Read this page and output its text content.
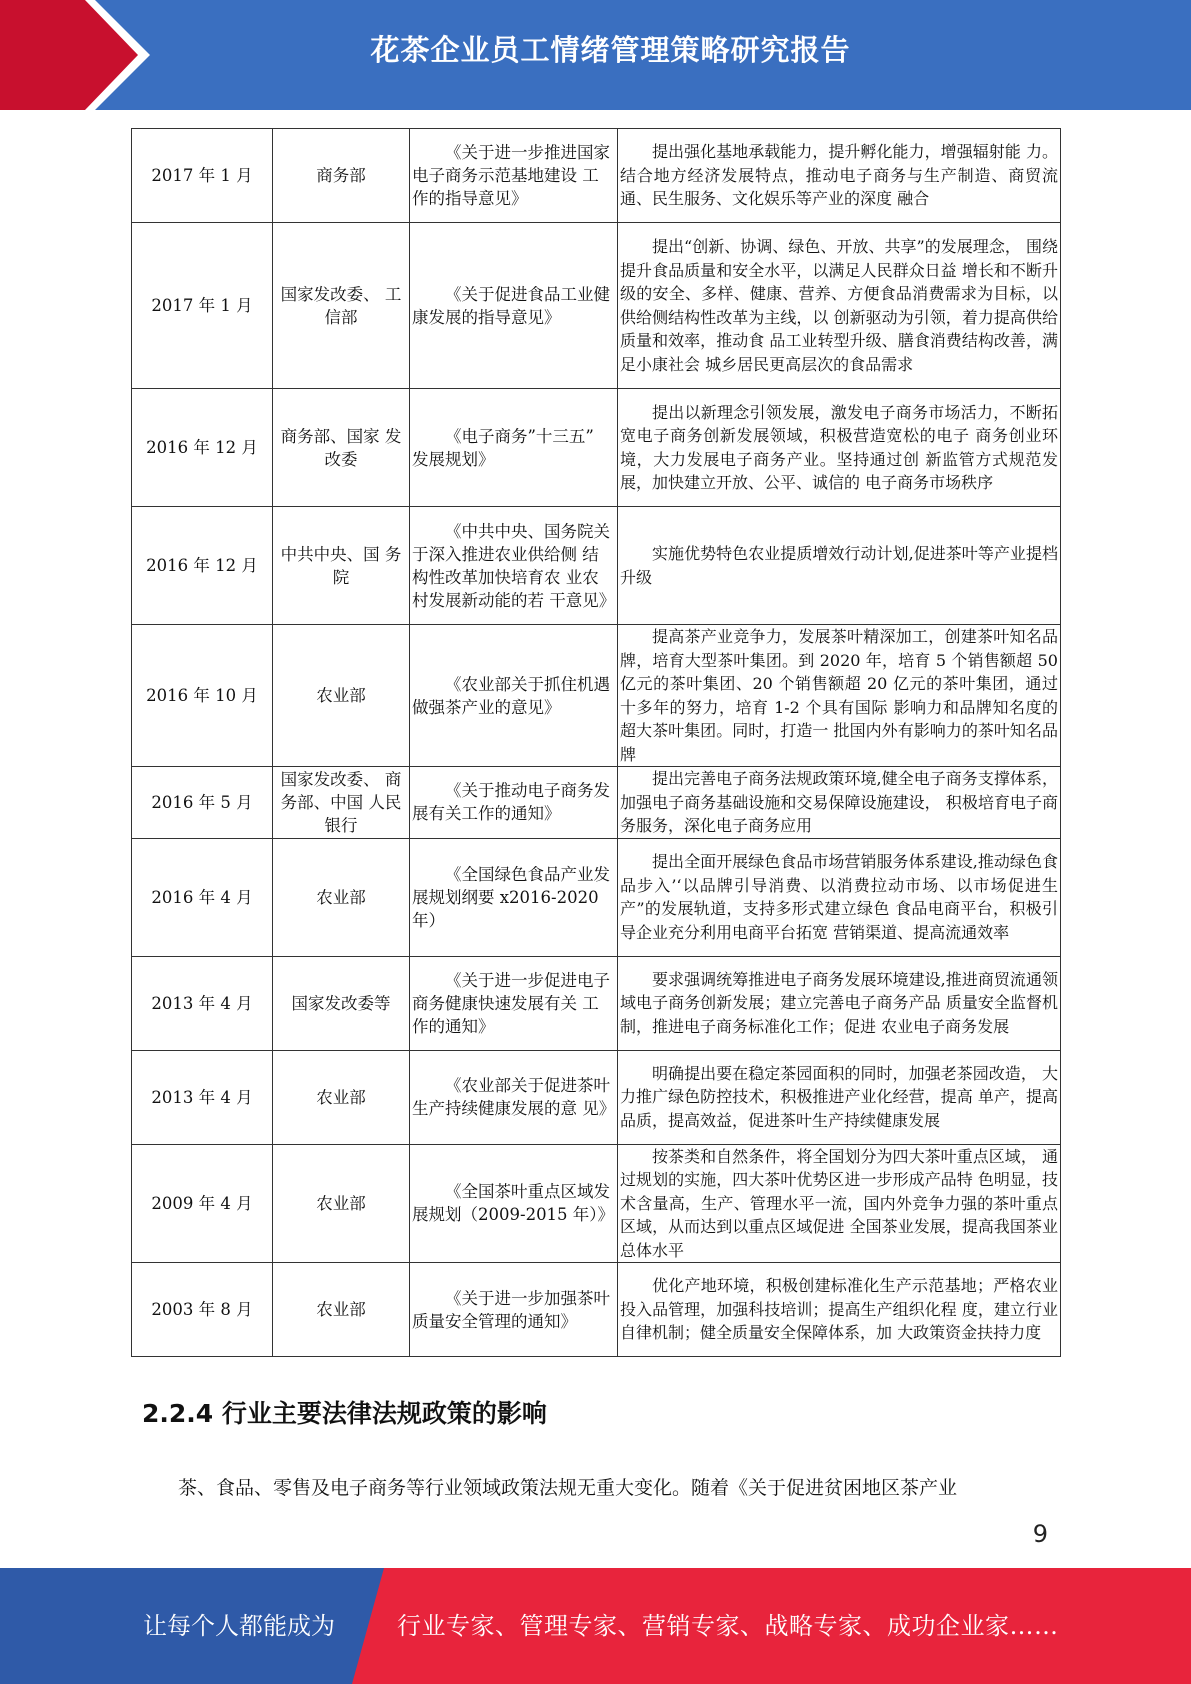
花茶企业员工情绪管理策略研究报告
2017 年 1 月	商务部	《关于进一步推进国家 电子商务示范基地建设 工作的指导意见》	提出强化基地承载能力，提升孵化能力，增强辐射能 力。结合地方经济发展特点，推动电子商务与生产制造、商贸流通、民生服务、文化娱乐等产业的深度 融合
2017 年 1 月	国家发改委、 工信部	《关于促进食品工业健 康发展的指导意见》	提出“创新、协调、绿色、开放、共享”的发展理念， 围绕提升食品质量和安全水平，以满足人民群众日益 增长和不断升级的安全、多样、健康、营养、方便食品消费需求为目标，以供给侧结构性改革为主线，以 创新驱动为引领，着力提高供给质量和效率，推动食 品工业转型升级、膳食消费结构改善，满足小康社会 城乡居民更高层次的食品需求
2016 年 12 月	商务部、国家 发改委	《电子商务”十三五” 发展规划》	提出以新理念引领发展，激发电子商务市场活力，不断拓宽电子商务创新发展领域，积极营造宽松的电子 商务创业环境，大力发展电子商务产业。坚持通过创 新监管方式规范发展，加快建立开放、公平、诚信的 电子商务市场秩序
2016 年 12 月	中共中央、国 务院	《中共中央、国务院关 于深入推进农业供给侧 结构性改革加快培育农 业农村发展新动能的若 干意见》	实施优势特色农业提质增效行动计划,促进茶叶等产业提档升级
2016 年 10 月	农业部	《农业部关于抓住机遇 做强茶产业的意见》	提高茶产业竞争力，发展茶叶精深加工，创建茶叶知名品牌，培育大型茶叶集团。到 2020 年，培育 5 个销售额超 50 亿元的茶叶集团、20 个销售额超 20 亿元的茶叶集团，通过十多年的努力，培育 1-2 个具有国际 影响力和品牌知名度的超大茶叶集团。同时，打造一 批国内外有影响力的茶叶知名品牌
2016 年 5 月	国家发改委、 商务部、中国 人民银行	《关于推动电子商务发 展有关工作的通知》	提出完善电子商务法规政策环境,健全电子商务支撑体系，加强电子商务基础设施和交易保障设施建设， 积极培育电子商务服务，深化电子商务应用
2016 年 4 月	农业部	《全国绿色食品产业发 展规划纲要 x2016-2020 年）	提出全面开展绿色食品市场营销服务体系建设,推动绿色食品步入’‘以品牌引导消费、以消费拉动市场、以市场促进生产”的发展轨道，支持多形式建立绿色 食品电商平台，积极引导企业充分利用电商平台拓宽 营销渠道、提高流通效率
2013 年 4 月	国家发改委等	《关于进一步促进电子 商务健康快速发展有关 工作的通知》	要求强调统筹推进电子商务发展环境建设,推进商贸流通领域电子商务创新发展；建立完善电子商务产品 质量安全监督机制，推进电子商务标准化工作；促进 农业电子商务发展
2013 年 4 月	农业部	《农业部关于促进茶叶 生产持续健康发展的意 见》	明确提出要在稳定茶园面积的同时，加强老茶园改造， 大力推广绿色防控技术，积极推进产业化经营，提高 单产，提高品质，提高效益，促进茶叶生产持续健康发展
2009 年 4 月	农业部	《全国茶叶重点区域发 展规划（2009-2015 年）》	按茶类和自然条件，将全国划分为四大茶叶重点区域， 通过规划的实施，四大茶叶优势区进一步形成产品特 色明显，技术含量高，生产、管理水平一流，国内外竞争力强的茶叶重点区域，从而达到以重点区域促进 全国茶业发展，提高我国茶业总体水平
2003 年 8 月	农业部	《关于进一步加强茶叶 质量安全管理的通知》	优化产地环境，积极创建标准化生产示范基地；严格农业投入品管理，加强科技培训；提高生产组织化程 度，建立行业自律机制；健全质量安全保障体系，加 大政策资金扶持力度
2.2.4 行业主要法律法规政策的影响
茶、食品、零售及电子商务等行业领域政策法规无重大变化。随着《关于促进贫困地区茶产业
9
让每个人都能成为	行业专家、管理专家、营销专家、战略专家、成功企业家……
